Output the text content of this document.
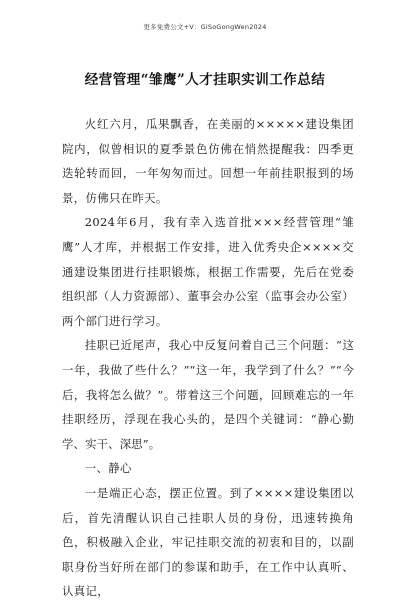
更多免费公文+V：GiSoGongWen2024
经营管理“雏鹰”人才挂职实训工作总结

火红六月，瓜果飘香，在美丽的×××××建设集团院内，似曾相识的夏季景色仿佛在悄然提醒我：四季更迭轮转而回，一年匆匆而过。回想一年前挂职报到的场景，仿佛只在昨天。

2024年6月，我有幸入选首批×××经营管理“雏鹰”人才库，并根据工作安排，进入优秀央企××××交通建设集团进行挂职锻炼，根据工作需要，先后在党委组织部（人力资源部）、董事会办公室（监事会办公室）两个部门进行学习。

挂职已近尾声，我心中反复问着自己三个问题：“这一年，我做了些什么？”“这一年，我学到了什么？”“今后，我将怎么做？”。带着这三个问题，回顾难忘的一年挂职经历，浮现在我心头的，是四个关键词：“静心勤学、实干、深思”。

一、静心

一是端正心态，摆正位置。到了××××建设集团以后，首先清醒认识自己挂职人员的身份，迅速转换角色，积极融入企业，牢记挂职交流的初衷和目的，以副职身份当好所在部门的参谋和助手，在工作中认真听、认真记，
